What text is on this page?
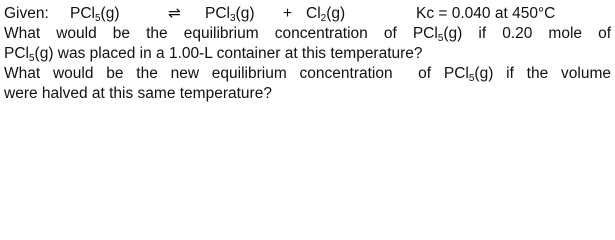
Given: PCl5(g)	⇌ PCl3(g) + Cl2(g)	Kc = 0.040 at 450°C
What would be the equilibrium concentration of PCl5(g) if 0.20 mole of
PCl5(g) was placed in a 1.00-L container at this temperature?
What would be the new equilibrium concentration  of PCl5(g) if the volume
were halved at this same temperature?
